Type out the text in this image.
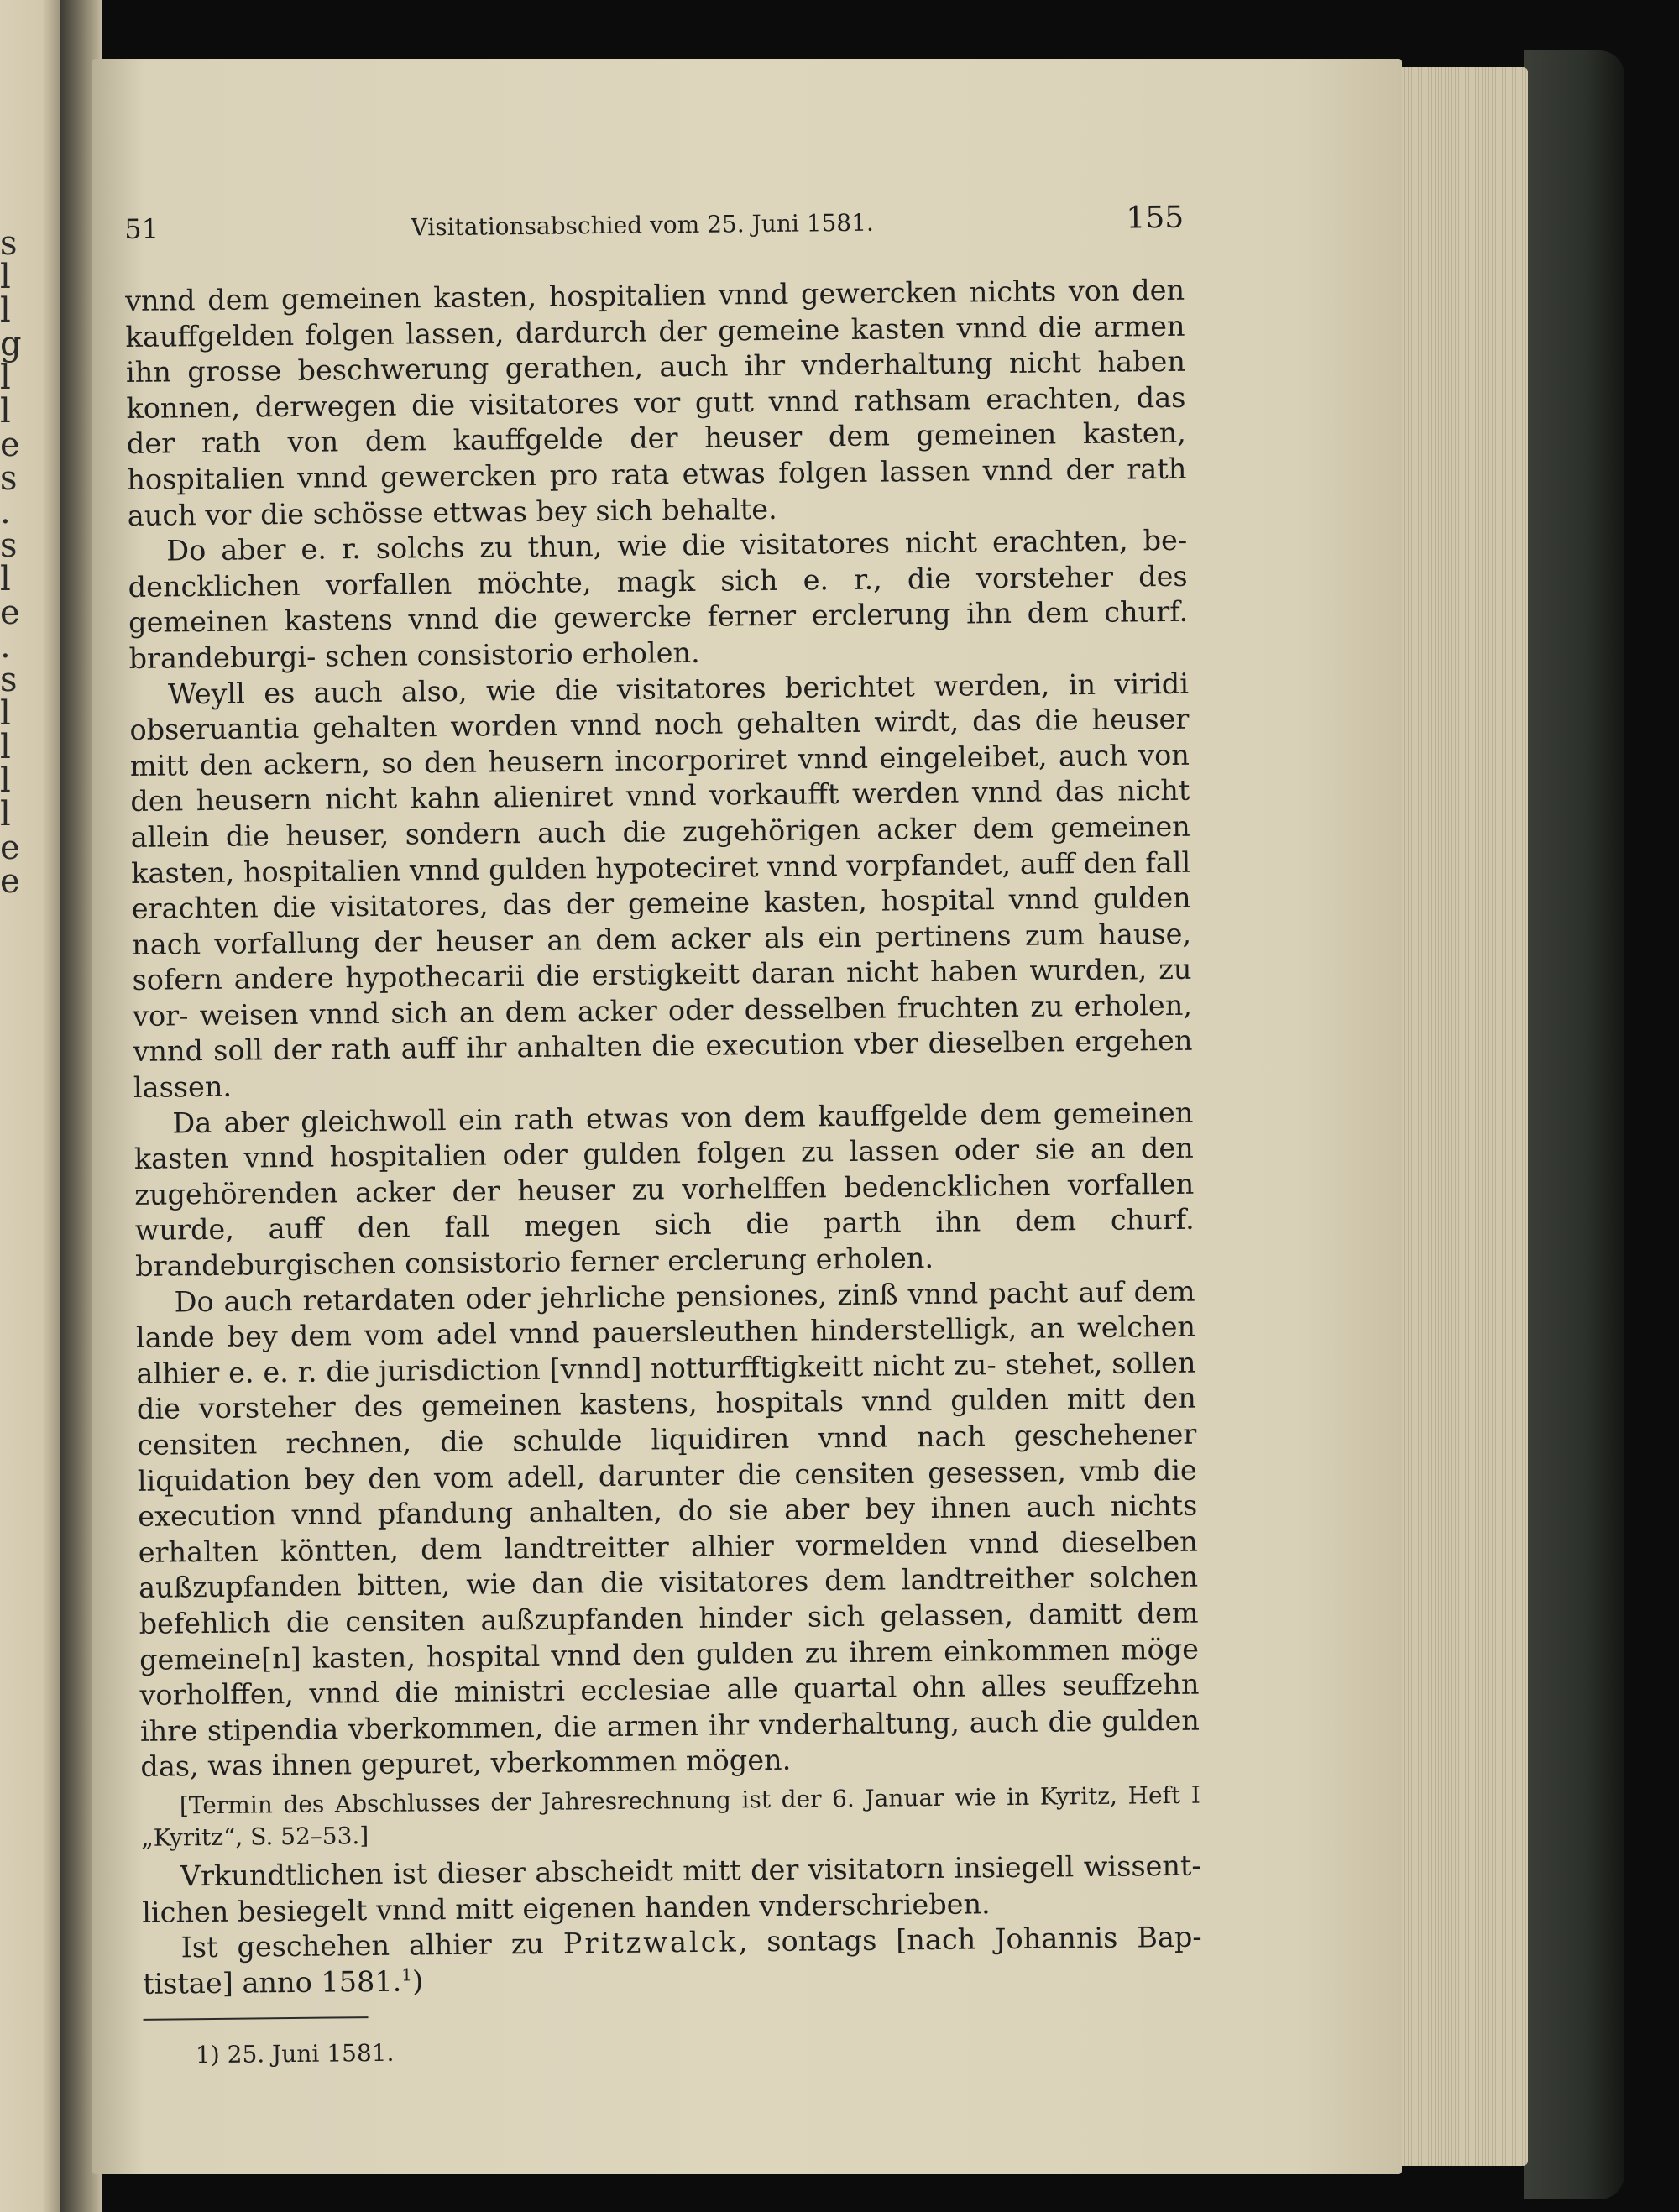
s
l
l
g
l
l
e
s
.
s
l
e
.
s
l
l
l
l
e
e
51	Visitationsabschied vom 25. Juni 1581.	155

vnnd dem gemeinen kasten, hospitalien vnnd gewercken nichts von den kauffgelden folgen lassen, dardurch der gemeine kasten vnnd die armen ihn grosse beschwerung gerathen, auch ihr vnderhaltung nicht haben konnen, derwegen die visitatores vor gutt vnnd rathsam erachten, das der rath von dem kauffgelde der heuser dem gemeinen kasten, hospitalien vnnd gewercken pro rata etwas folgen lassen vnnd der rath auch vor die schösse ettwas bey sich behalte.

Do aber e. r. solchs zu thun, wie die visitatores nicht erachten, be- dencklichen vorfallen möchte, magk sich e. r., die vorsteher des gemeinen kastens vnnd die gewercke ferner erclerung ihn dem churf. brandeburgi- schen consistorio erholen.

Weyll es auch also, wie die visitatores berichtet werden, in viridi obseruantia gehalten worden vnnd noch gehalten wirdt, das die heuser mitt den ackern, so den heusern incorporiret vnnd eingeleibet, auch von den heusern nicht kahn alieniret vnnd vorkaufft werden vnnd das nicht allein die heuser, sondern auch die zugehörigen acker dem gemeinen kasten, hospitalien vnnd gulden hypoteciret vnnd vorpfandet, auff den fall erachten die visitatores, das der gemeine kasten, hospital vnnd gulden nach vorfallung der heuser an dem acker als ein pertinens zum hause, sofern andere hypothecarii die erstigkeitt daran nicht haben wurden, zu vor- weisen vnnd sich an dem acker oder desselben fruchten zu erholen, vnnd soll der rath auff ihr anhalten die execution vber dieselben ergehen lassen.

Da aber gleichwoll ein rath etwas von dem kauffgelde dem gemeinen kasten vnnd hospitalien oder gulden folgen zu lassen oder sie an den zugehörenden acker der heuser zu vorhelffen bedencklichen vorfallen wurde, auff den fall megen sich die parth ihn dem churf. brandeburgischen consistorio ferner erclerung erholen.

Do auch retardaten oder jehrliche pensiones, zinß vnnd pacht auf dem lande bey dem vom adel vnnd pauersleuthen hinderstelligk, an welchen alhier e. e. r. die jurisdiction [vnnd] notturfftigkeitt nicht zu- stehet, sollen die vorsteher des gemeinen kastens, hospitals vnnd gulden mitt den censiten rechnen, die schulde liquidiren vnnd nach geschehener liquidation bey den vom adell, darunter die censiten gesessen, vmb die execution vnnd pfandung anhalten, do sie aber bey ihnen auch nichts erhalten köntten, dem landtreitter alhier vormelden vnnd dieselben außzupfanden bitten, wie dan die visitatores dem landtreither solchen befehlich die censiten außzupfanden hinder sich gelassen, damitt dem gemeine[n] kasten, hospital vnnd den gulden zu ihrem einkommen möge vorholffen, vnnd die ministri ecclesiae alle quartal ohn alles seuffzehn ihre stipendia vberkommen, die armen ihr vnderhaltung, auch die gulden das, was ihnen gepuret, vberkommen mögen.

[Termin des Abschlusses der Jahresrechnung ist der 6. Januar wie in Kyritz, Heft I „Kyritz“, S. 52–53.]

Vrkundtlichen ist dieser abscheidt mitt der visitatorn insiegell wissent- lichen besiegelt vnnd mitt eigenen handen vnderschrieben.

Ist geschehen alhier zu Pritzwalck, sontags [nach Johannis Bap- tistae] anno 1581.$^1$)

1) 25. Juni 1581.
